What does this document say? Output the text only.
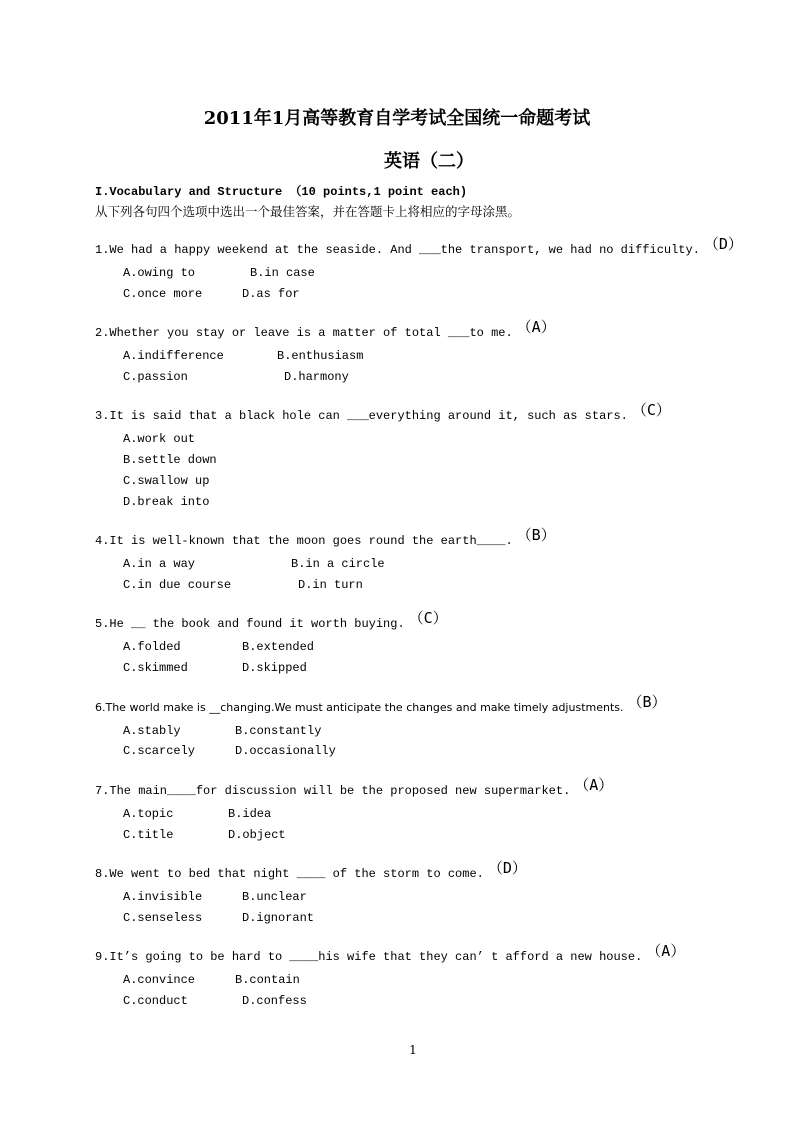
2011年1月高等教育自学考试全国统一命题考试
英语（二）
I.Vocabulary and Structure （10 points,1 point each)
从下列各句四个选项中选出一个最佳答案，并在答题卡上将相应的字母涂黑。
1.We had a happy weekend at the seaside. And ___the transport, we had no difficulty. （D）
A.owing to	B.in case
C.once more	D.as for
2.Whether you stay or leave is a matter of total ___to me. （A）
A.indifference	B.enthusiasm
C.passion	D.harmony
3.It is said that a black hole can ___everything around it, such as stars. （C）
A.work out
B.settle down
C.swallow up
D.break into
4.It is well-known that the moon goes round the earth____. （B）
A.in a way	B.in a circle
C.in due course	D.in turn
5.He __ the book and found it worth buying. （C）
A.folded	B.extended
C.skimmed	D.skipped
6.The world make is __changing.We must anticipate the changes and make timely adjustments. （B）
A.stably	B.constantly
C.scarcely	D.occasionally
7.The main____for discussion will be the proposed new supermarket. （A）
A.topic	B.idea
C.title	D.object
8.We went to bed that night ____ of the storm to come. （D）
A.invisible	B.unclear
C.senseless	D.ignorant
9.It’s going to be hard to ____his wife that they can’ t afford a new house. （A）
A.convince	B.contain
C.conduct	D.confess
1
